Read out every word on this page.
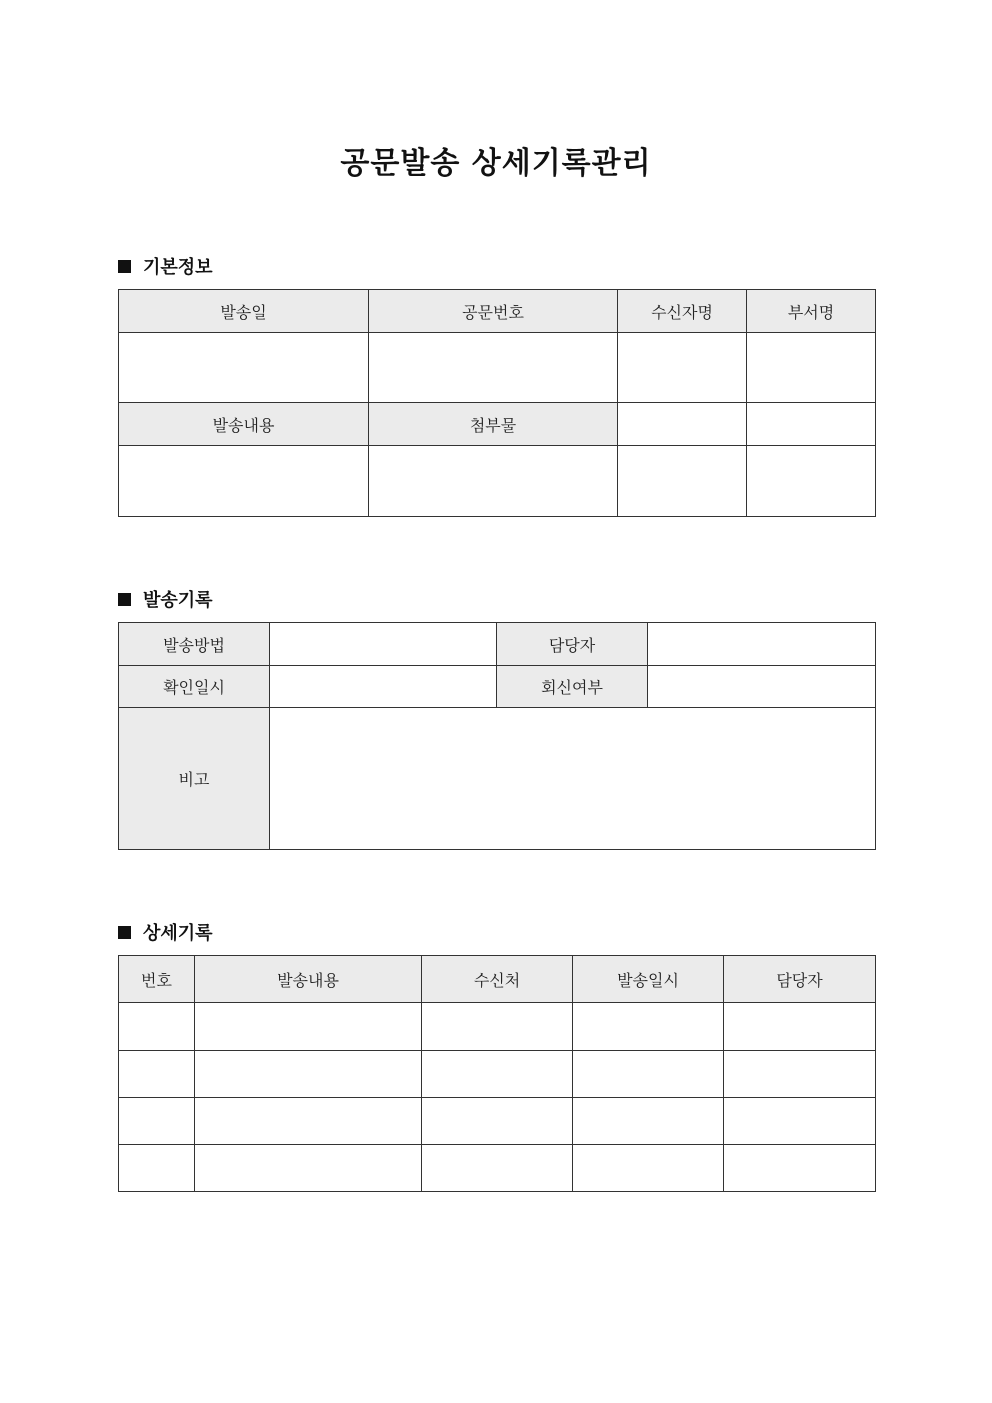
공문발송 상세기록관리
기본정보
발송일	공문번호	수신자명	부서명

발송내용	첨부물		

발송기록
발송방법		담당자	
확인일시		회신여부	
비고			
상세기록
번호	발송내용	수신처	발송일시	담당자
